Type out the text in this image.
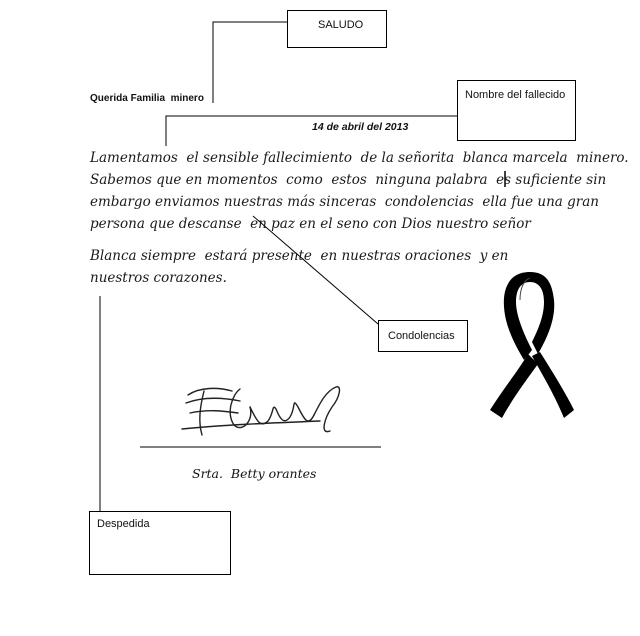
SALUDO
Nombre del fallecido
Condolencias
Despedida
Querida Familia  minero
14 de abril del 2013
Lamentamos  el sensible fallecimiento  de la señorita  blanca marcela  minero.
Sabemos que en momentos  como  estos  ninguna palabra  es suficiente sin
embargo enviamos nuestras más sinceras  condolencias  ella fue una gran
persona que descanse  en paz en el seno con Dios nuestro señor
Blanca siempre  estará presente  en nuestras oraciones  y en
nuestros corazones.
Srta.  Betty orantes
